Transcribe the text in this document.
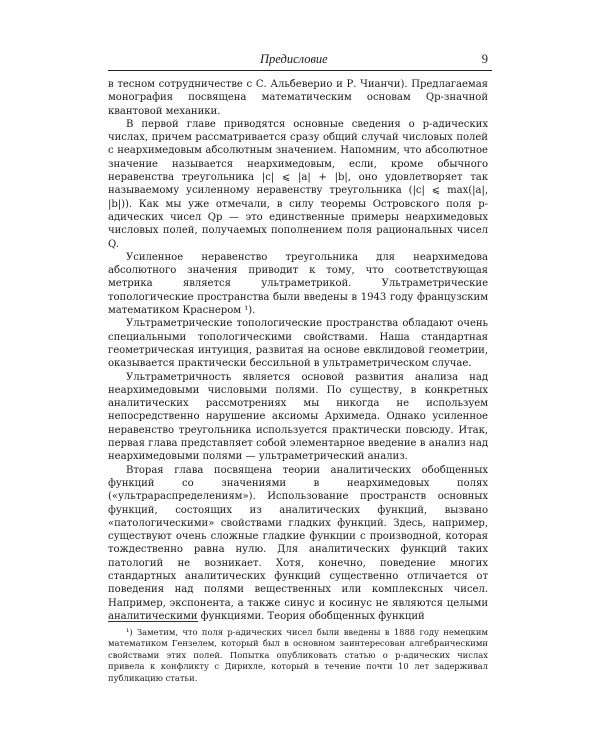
Предисловие	9

в тесном сотрудничестве с С. Альбеверио и Р. Чианчи). Предлагаемая монография посвящена математическим основам Qp-значной квантовой механики.

В первой главе приводятся основные сведения о p-адических числах, причем рассматривается сразу общий случай числовых полей с неархимедовым абсолютным значением. Напомним, что абсолютное значение называется неархимедовым, если, кроме обычного неравенства треугольника |c| ⩽ |a| + |b|, оно удовлетворяет так называемому усиленному неравенству треугольника (|c| ⩽ max(|a|, |b|)). Как мы уже отмечали, в силу теоремы Островского поля p-адических чисел Qp — это единственные примеры неархимедовых числовых полей, получаемых пополнением поля рациональных чисел Q.

Усиленное неравенство треугольника для неархимедова абсолютного значения приводит к тому, что соответствующая метрика является ультраметрикой. Ультраметрические топологические пространства были введены в 1943 году французским математиком Краснером ¹).

Ультраметрические топологические пространства обладают очень специальными топологическими свойствами. Наша стандартная геометрическая интуиция, развитая на основе евклидовой геометрии, оказывается практически бессильной в ультраметрическом случае.

Ультраметричность является основой развития анализа над неархимедовыми числовыми полями. По существу, в конкретных аналитических рассмотрениях мы никогда не используем непосредственно нарушение аксиомы Архимеда. Однако усиленное неравенство треугольника используется практически повсюду. Итак, первая глава представляет собой элементарное введение в анализ над неархимедовыми полями — ультраметрический анализ.

Вторая глава посвящена теории аналитических обобщенных функций со значениями в неархимедовых полях («ультрараспределениям»). Использование пространств основных функций, состоящих из аналитических функций, вызвано «патологическими» свойствами гладких функций. Здесь, например, существуют очень сложные гладкие функции с производной, которая тождественно равна нулю. Для аналитических функций таких патологий не возникает. Хотя, конечно, поведение многих стандартных аналитических функций существенно отличается от поведения над полями вещественных или комплексных чисел. Например, экспонента, а также синус и косинус не являются целыми аналитическими функциями. Теория обобщенных функций

¹) Заметим, что поля p-адических чисел были введены в 1888 году немецким математиком Гензелем, который был в основном заинтересован алгебраическими свойствами этих полей. Попытка опубликовать статью о p-адических числах привела к конфликту с Дирихле, который в течение почти 10 лет задерживал публикацию статьи.
